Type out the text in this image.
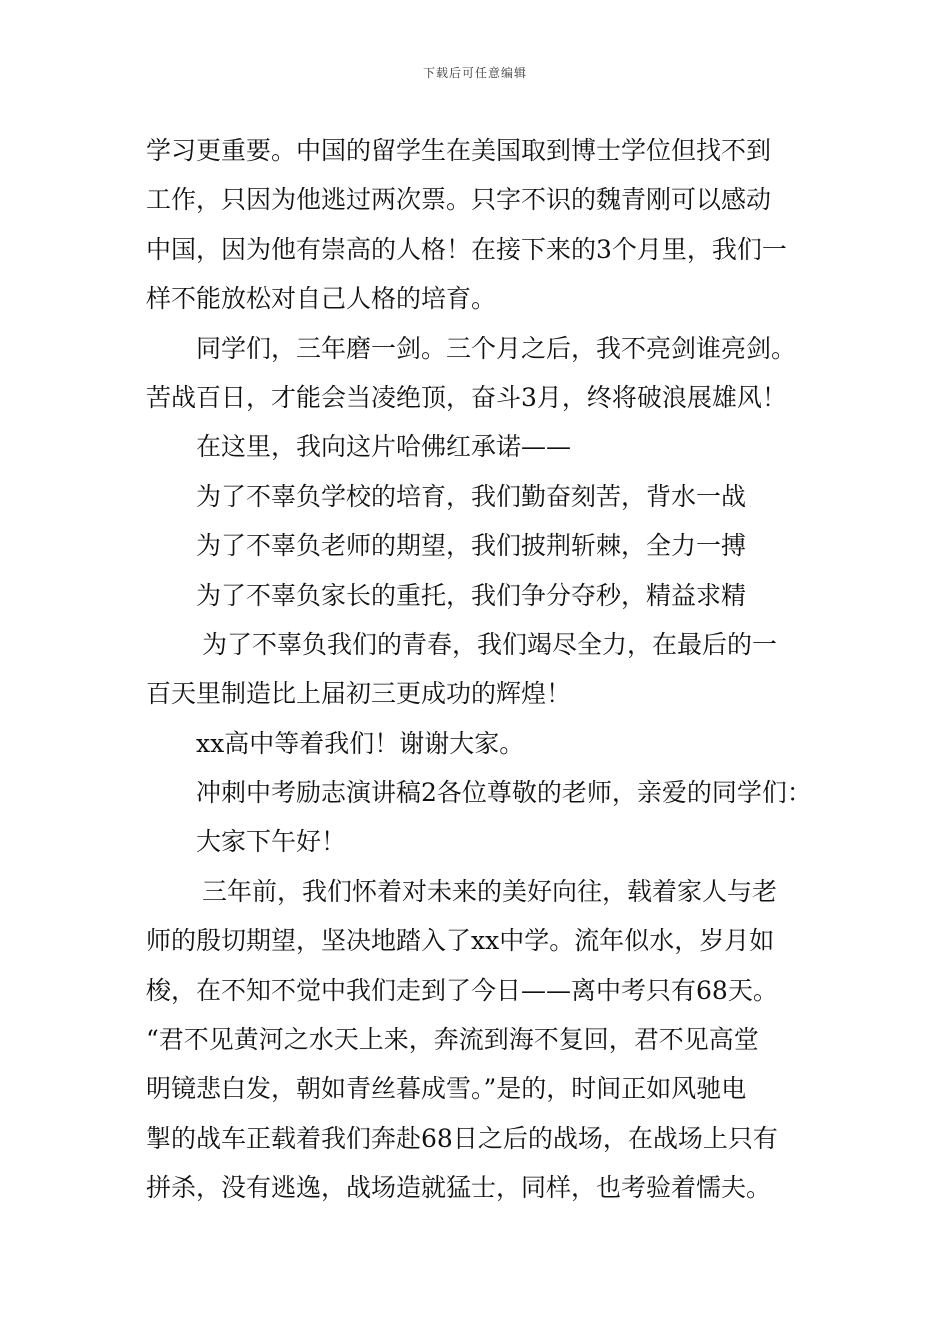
下载后可任意编辑
学习更重要。中国的留学生在美国取到博士学位但找不到
工作，只因为他逃过两次票。只字不识的魏青刚可以感动
中国，因为他有崇高的人格！在接下来的3个月里，我们一
样不能放松对自己人格的培育。
同学们，三年磨一剑。三个月之后，我不亮剑谁亮剑。
苦战百日，才能会当凌绝顶，奋斗3月，终将破浪展雄风！
在这里，我向这片哈佛红承诺——
为了不辜负学校的培育，我们勤奋刻苦，背水一战
为了不辜负老师的期望，我们披荆斩棘，全力一搏
为了不辜负家长的重托，我们争分夺秒，精益求精
为了不辜负我们的青春，我们竭尽全力，在最后的一
百天里制造比上届初三更成功的辉煌！
xx高中等着我们！谢谢大家。
冲刺中考励志演讲稿2各位尊敬的老师，亲爱的同学们：
大家下午好！
三年前，我们怀着对未来的美好向往，载着家人与老
师的殷切期望，坚决地踏入了xx中学。流年似水，岁月如
梭，在不知不觉中我们走到了今日——离中考只有68天。
“君不见黄河之水天上来，奔流到海不复回，君不见高堂
明镜悲白发，朝如青丝暮成雪。”是的，时间正如风驰电
掣的战车正载着我们奔赴68日之后的战场，在战场上只有
拼杀，没有逃逸，战场造就猛士，同样，也考验着懦夫。
